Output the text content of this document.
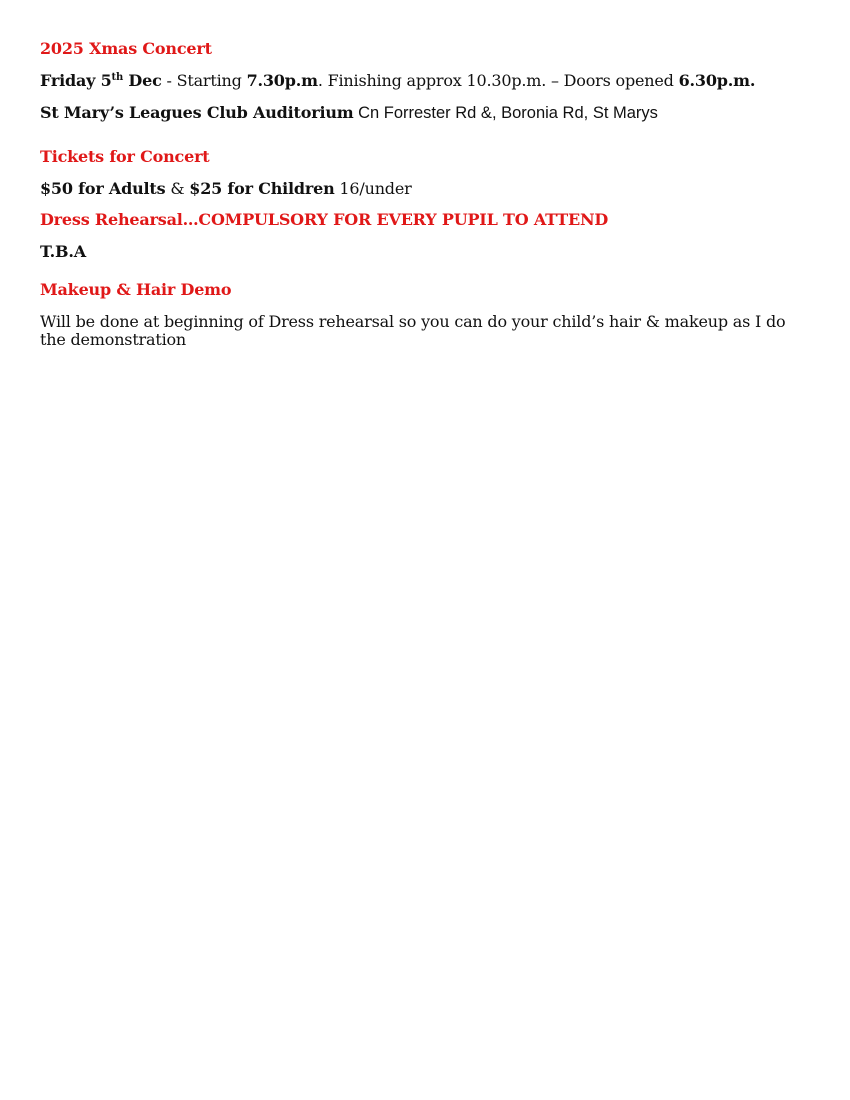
2025 Xmas Concert
Friday 5th Dec - Starting 7.30p.m. Finishing approx 10.30p.m. – Doors opened 6.30p.m.
St Mary’s Leagues Club Auditorium Cn Forrester Rd &, Boronia Rd, St Marys
Tickets for Concert
$50 for Adults & $25 for Children 16/under
Dress Rehearsal…COMPULSORY FOR EVERY PUPIL TO ATTEND
T.B.A
Makeup & Hair Demo
Will be done at beginning of Dress rehearsal so you can do your child’s hair & makeup as I do the demonstration
